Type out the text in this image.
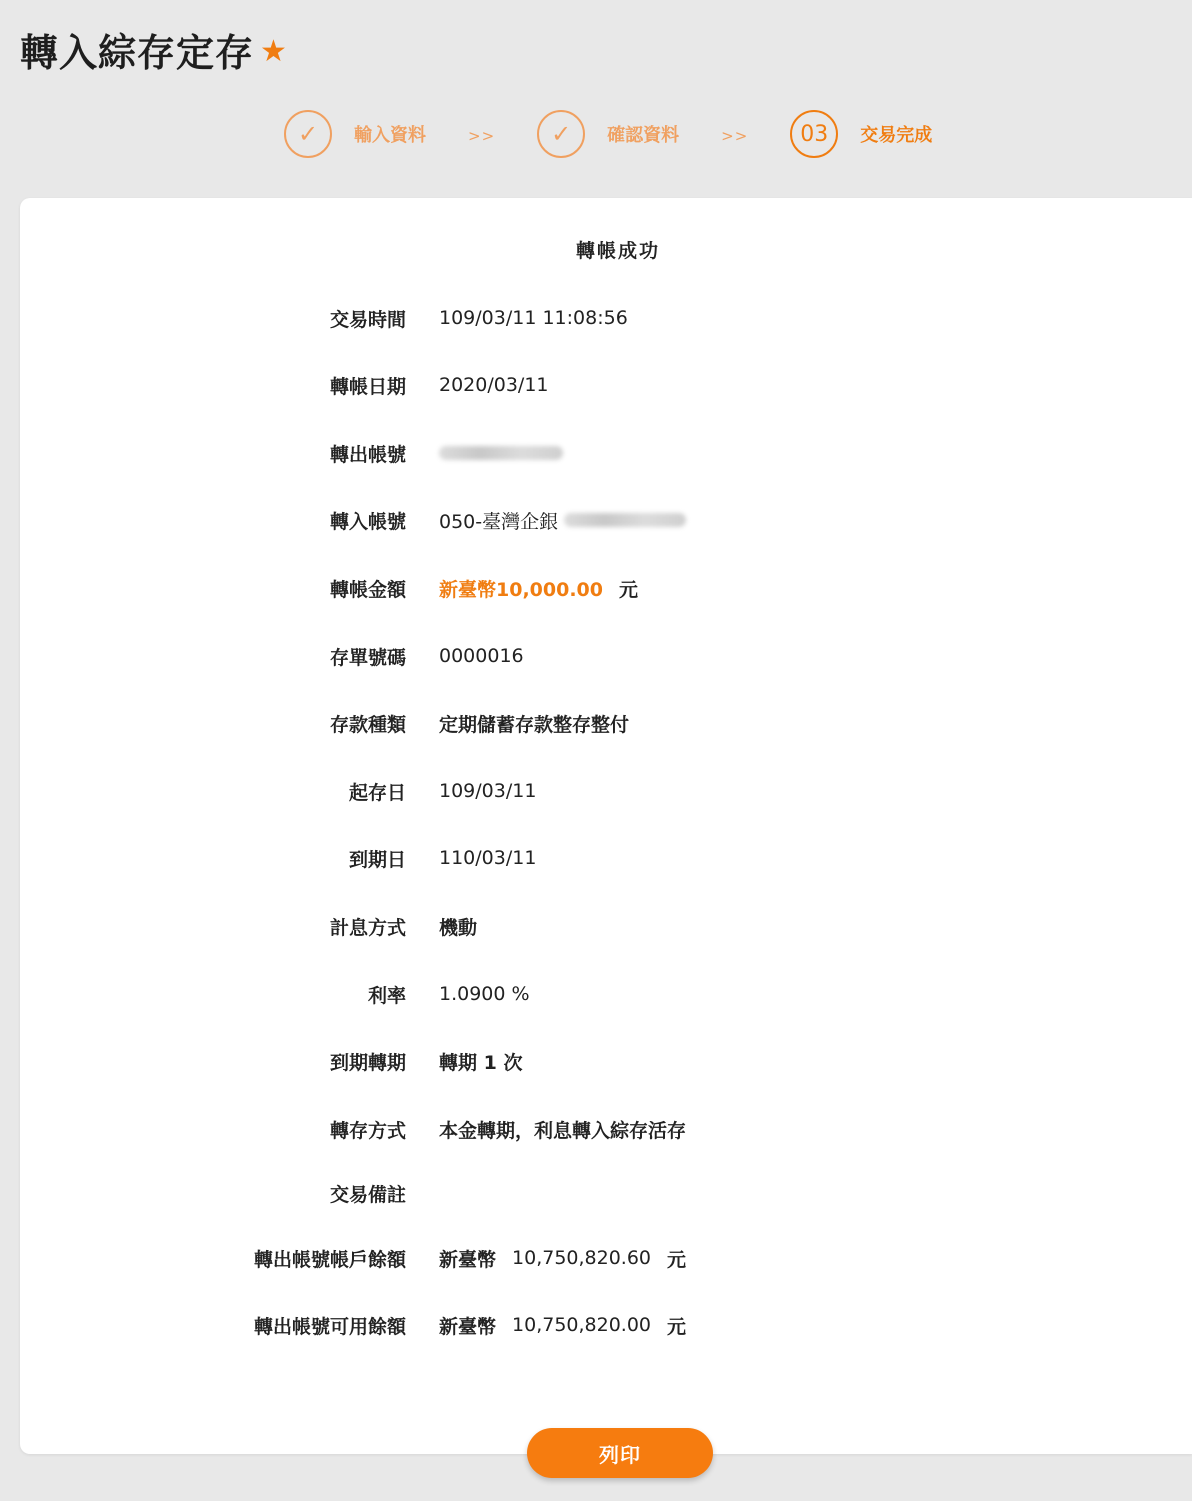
轉入綜存定存 ★
✓	輸入資料	>>	✓	確認資料	>>	03	交易完成
轉帳成功
交易時間 109/03/11 11:08:56
轉帳日期 2020/03/11
轉出帳號
轉入帳號 050-臺灣企銀
轉帳金額 新臺幣10,000.00 元
存單號碼 0000016
存款種類 定期儲蓄存款整存整付
起存日 109/03/11
到期日 110/03/11
計息方式 機動
利率 1.0900 %
到期轉期 轉期 1 次
轉存方式 本金轉期，利息轉入綜存活存
交易備註
轉出帳號帳戶餘額 新臺幣 10,750,820.60 元
轉出帳號可用餘額 新臺幣 10,750,820.00 元
列印
